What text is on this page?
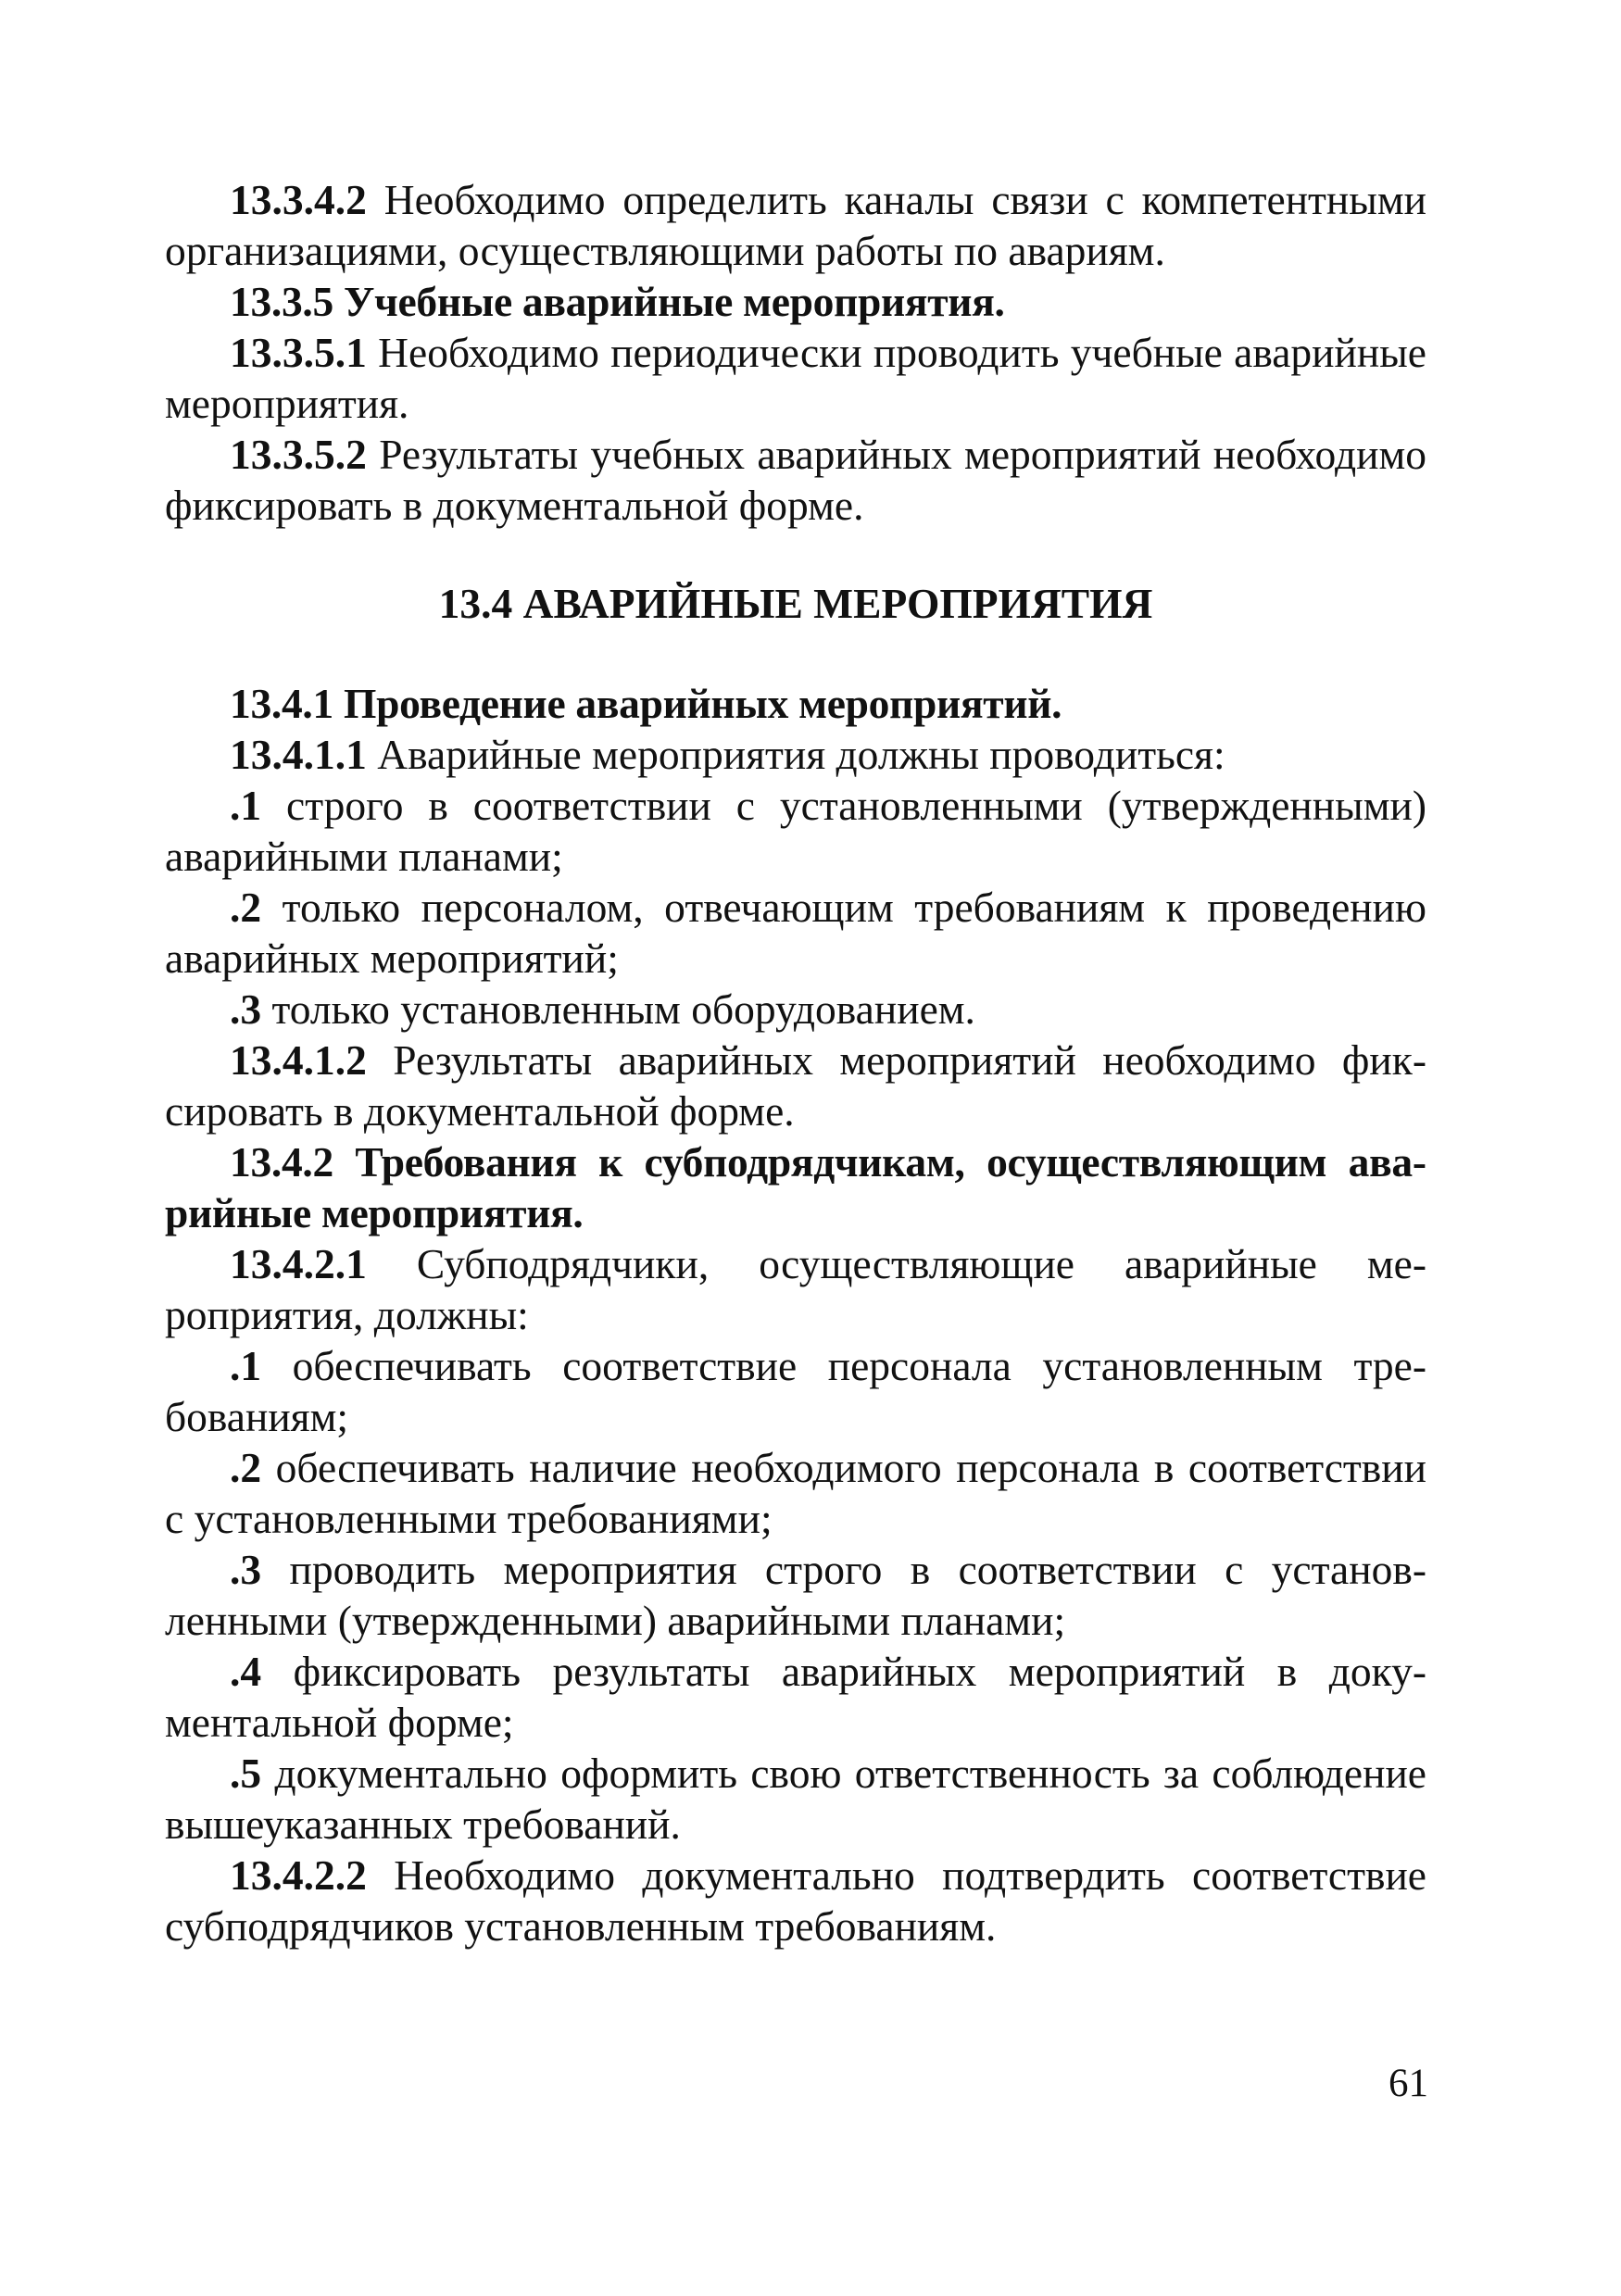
13.3.4.2 Необходимо определить каналы связи с компетентными организациями, осуществляющими работы по авариям.

13.3.5 Учебные аварийные мероприятия.

13.3.5.1 Необходимо периодически проводить учебные аварийные мероприятия.

13.3.5.2 Результаты учебных аварийных мероприятий необходимо фиксировать в документальной форме.

13.4 АВАРИЙНЫЕ МЕРОПРИЯТИЯ

13.4.1 Проведение аварийных мероприятий.

13.4.1.1 Аварийные мероприятия должны проводиться:

.1 строго в соответствии с установленными (утвержденными) аварийными планами;

.2 только персоналом, отвечающим требованиям к проведению аварийных мероприятий;

.3 только установленным оборудованием.

13.4.1.2 Результаты аварийных мероприятий необходимо фиксировать в документальной форме.

13.4.2 Требования к субподрядчикам, осуществляющим аварийные мероприятия.

13.4.2.1 Субподрядчики, осуществляющие аварийные мероприятия, должны:

.1 обеспечивать соответствие персонала установленным требованиям;

.2 обеспечивать наличие необходимого персонала в соответствии с установленными требованиями;

.3 проводить мероприятия строго в соответствии с установленными (утвержденными) аварийными планами;

.4 фиксировать результаты аварийных мероприятий в документальной форме;

.5 документально оформить свою ответственность за соблюдение вышеуказанных требований.

13.4.2.2 Необходимо документально подтвердить соответствие субподрядчиков установленным требованиям.

61
